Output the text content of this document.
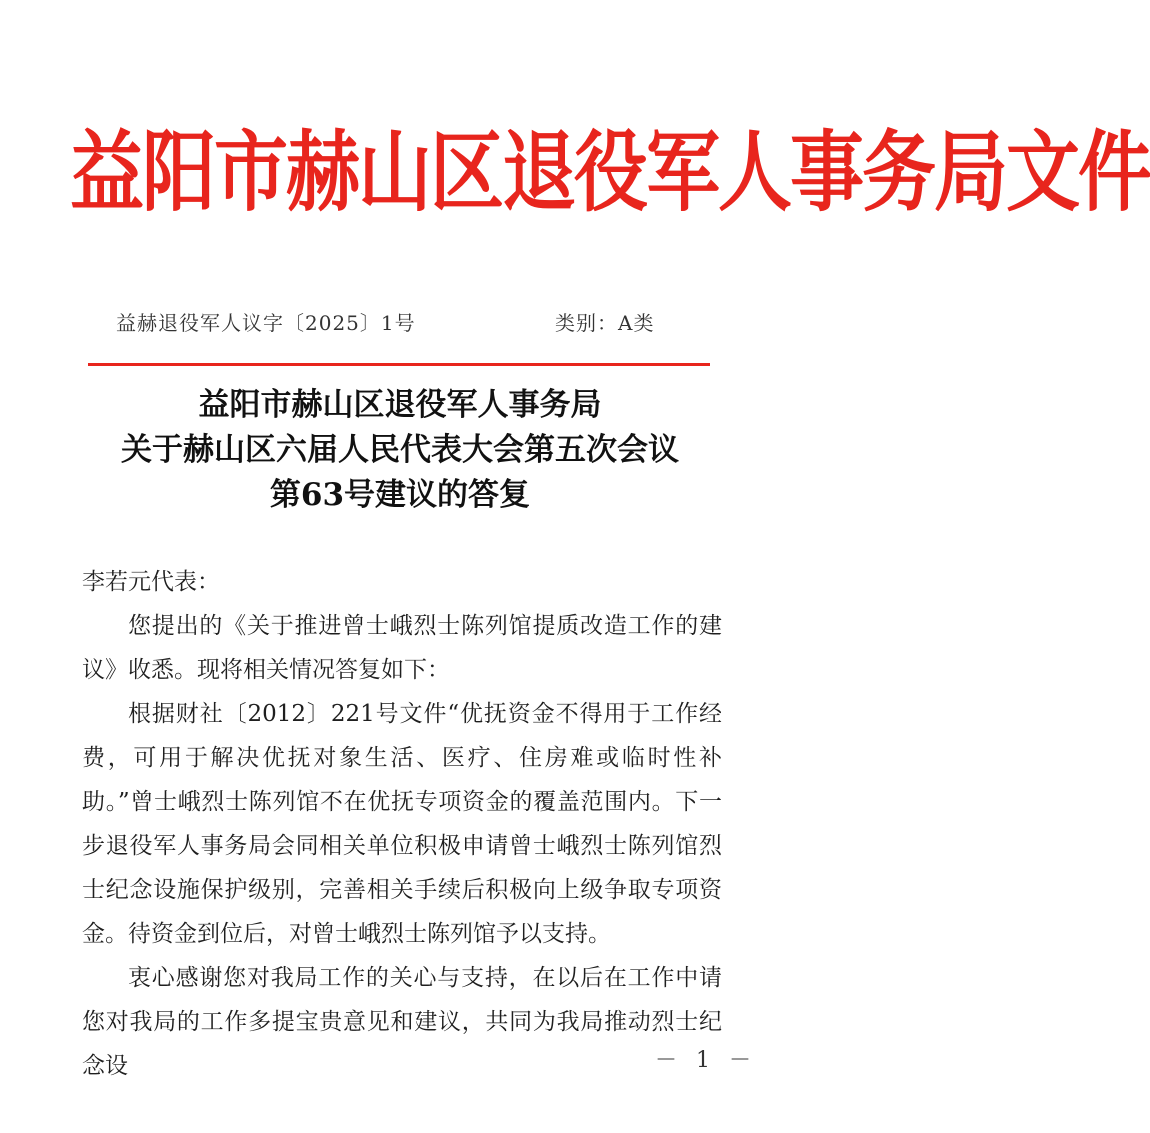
益阳市赫山区退役军人事务局文件
益赫退役军人议字〔2025〕1号	类别：A类
益阳市赫山区退役军人事务局
关于赫山区六届人民代表大会第五次会议
第63号建议的答复

李若元代表：

您提出的《关于推进曾士峨烈士陈列馆提质改造工作的建议》收悉。现将相关情况答复如下：

根据财社〔2012〕221号文件“优抚资金不得用于工作经费，可用于解决优抚对象生活、医疗、住房难或临时性补助。”曾士峨烈士陈列馆不在优抚专项资金的覆盖范围内。下一步退役军人事务局会同相关单位积极申请曾士峨烈士陈列馆烈士纪念设施保护级别，完善相关手续后积极向上级争取专项资金。待资金到位后，对曾士峨烈士陈列馆予以支持。

衷心感谢您对我局工作的关心与支持，在以后在工作中请您对我局的工作多提宝贵意见和建议，共同为我局推动烈士纪念设	－ 1 －
